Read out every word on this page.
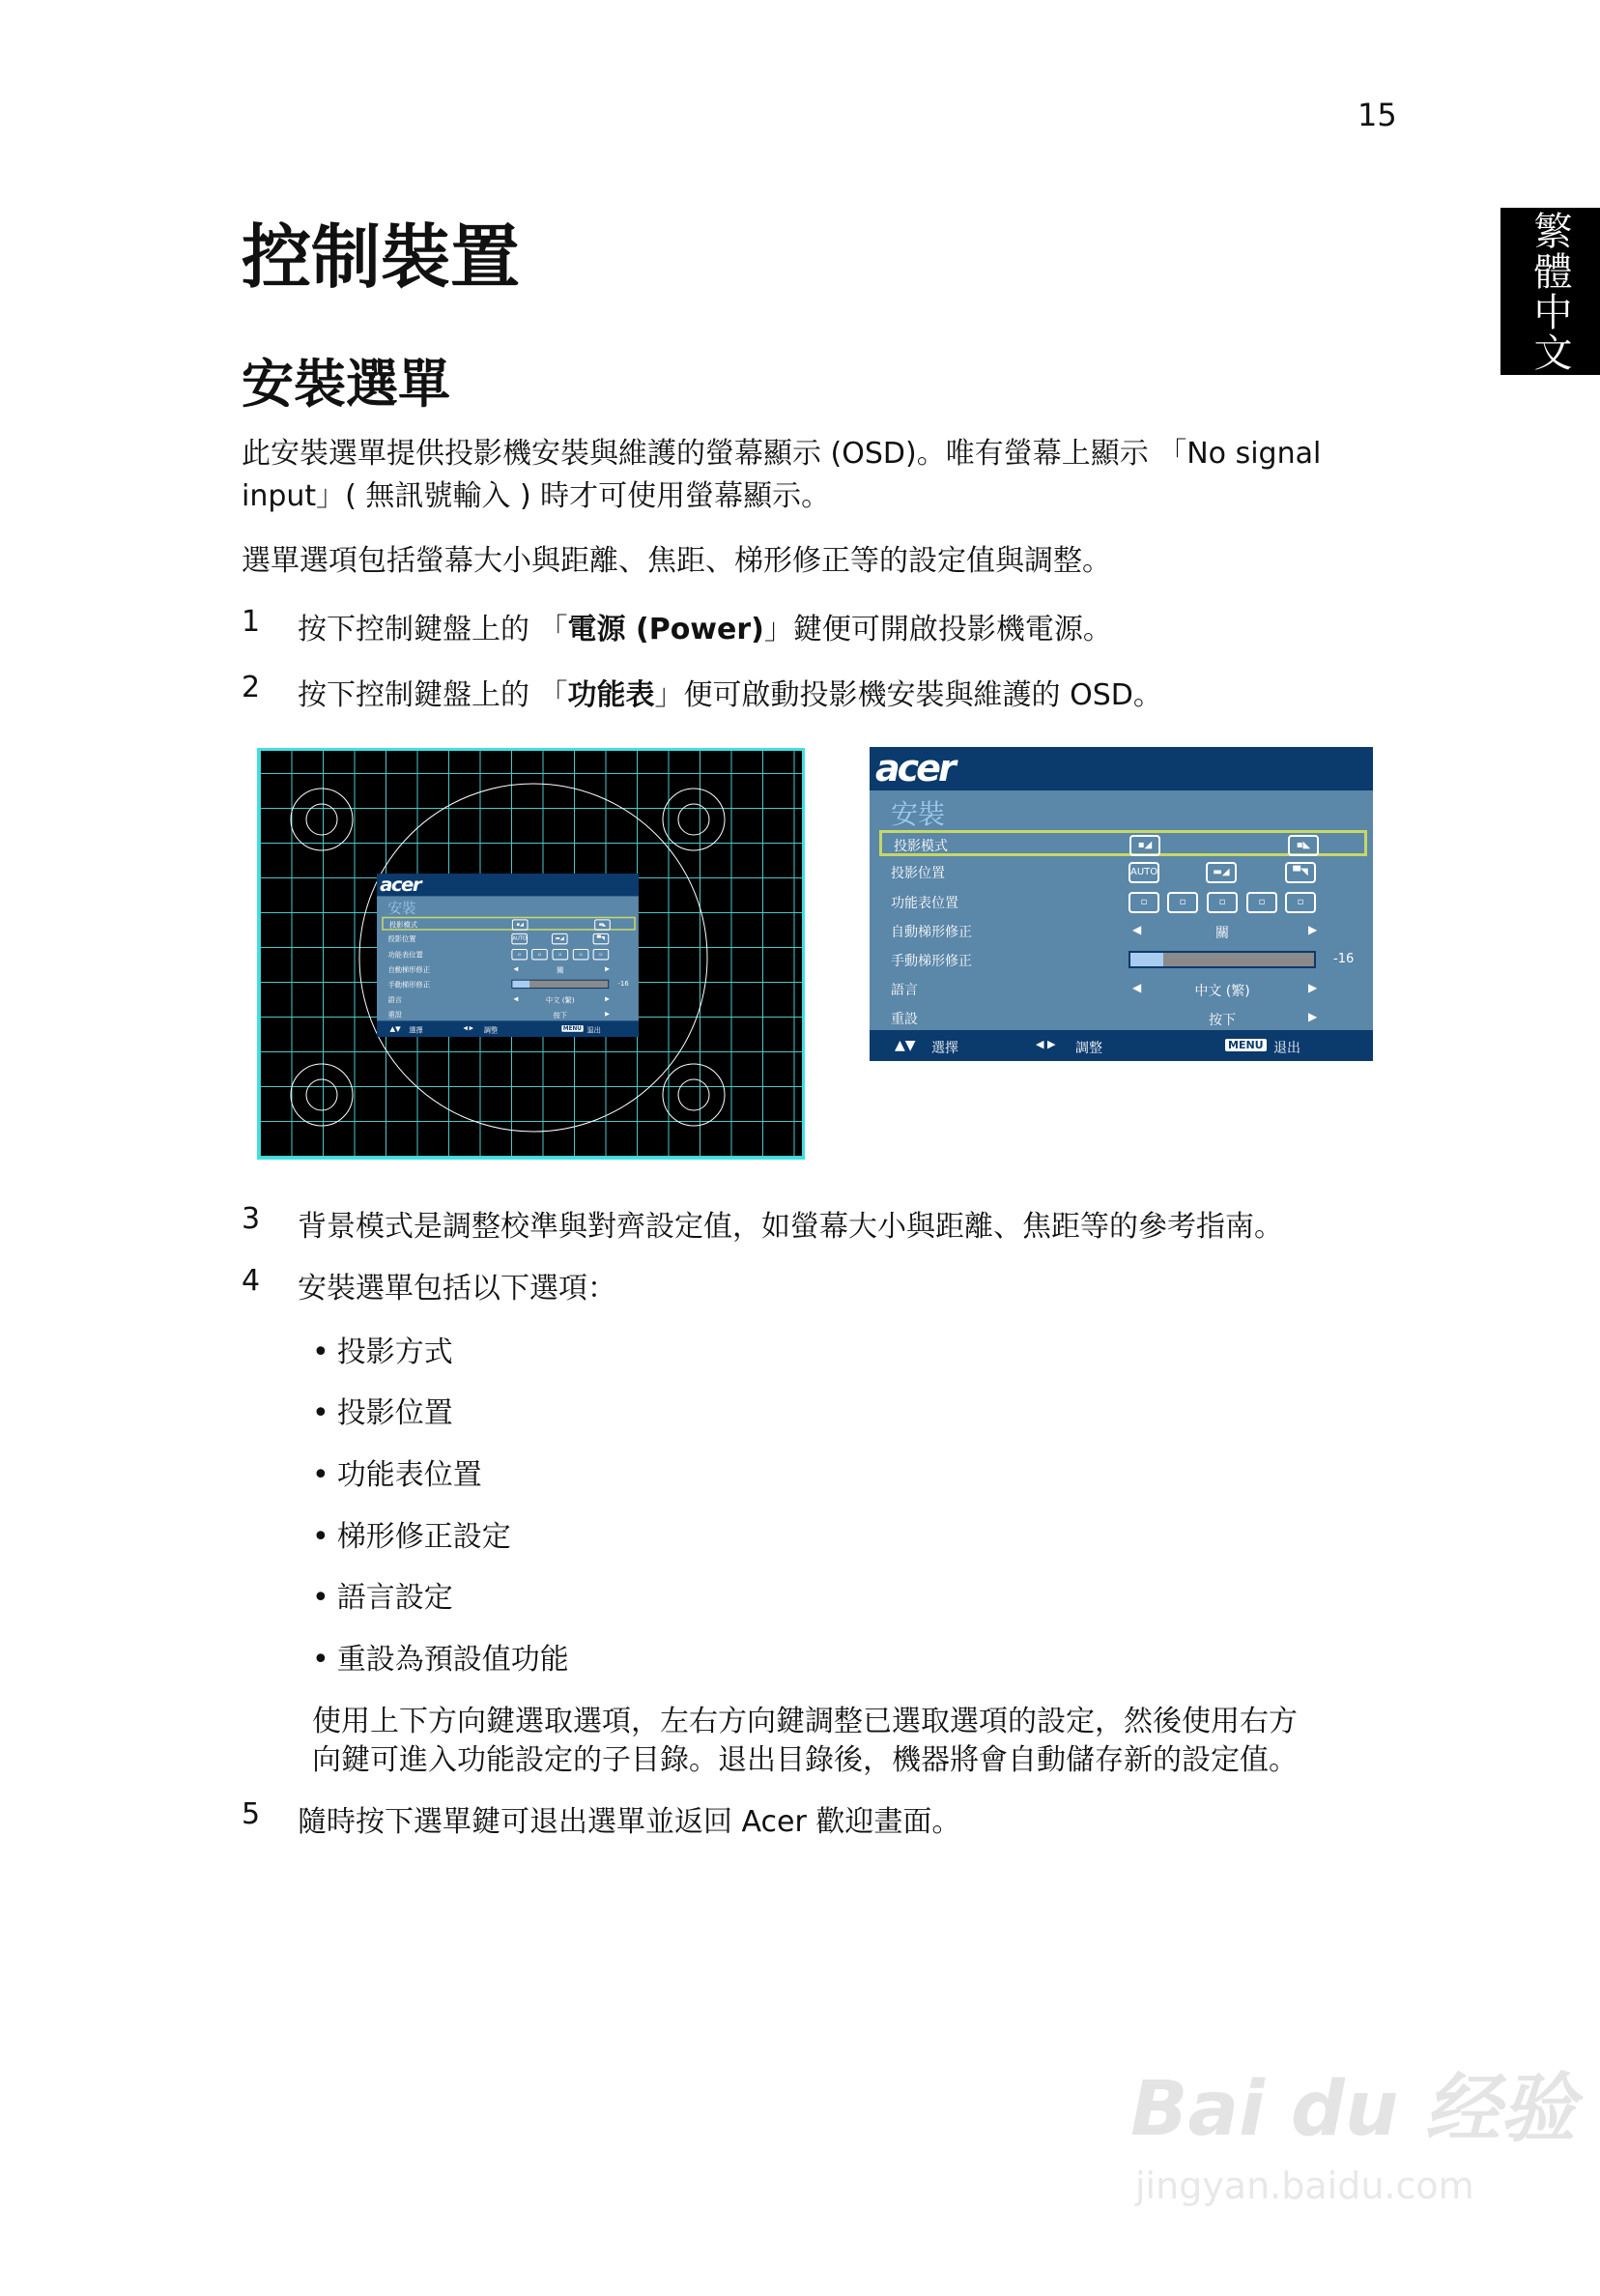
15
繁體中文
控制裝置
安裝選單
此安裝選單提供投影機安裝與維護的螢幕顯示 (OSD)。唯有螢幕上顯示 「No signal
input」( 無訊號輸入 ) 時才可使用螢幕顯示。
選單選項包括螢幕大小與距離、焦距、梯形修正等的設定值與調整。
1 按下控制鍵盤上的 「電源 (Power)」鍵便可開啟投影機電源。
2 按下控制鍵盤上的 「功能表」便可啟動投影機安裝與維護的 OSD。
acer
安裝
投影模式	▪◢	▪◣
投影位置	AUTO	▬◢	▀◥
功能表位置	▫	▫	▫	▫	▫
自動梯形修正	◀	關	▶
手動梯形修正	-16
語言	◀	中文 (繁)	▶
重設	按下	▶
▲▼ 選擇	◀ ▶ 調整	MENU 退出
acer
安裝
投影模式	▪◢	▪◣
投影位置	AUTO	▬◢	▀◥
功能表位置	▫	▫	▫	▫	▫
自動梯形修正	◀	關	▶
手動梯形修正	-16
語言	◀	中文 (繁)	▶
重設	按下	▶
▲▼ 選擇	◀ ▶ 調整	MENU 退出
3 背景模式是調整校準與對齊設定值，如螢幕大小與距離、焦距等的參考指南。
4 安裝選單包括以下選項：
• 投影方式
• 投影位置
• 功能表位置
• 梯形修正設定
• 語言設定
• 重設為預設值功能
使用上下方向鍵選取選項，左右方向鍵調整已選取選項的設定，然後使用右方
向鍵可進入功能設定的子目錄。退出目錄後，機器將會自動儲存新的設定值。
5 隨時按下選單鍵可退出選單並返回 Acer 歡迎畫面。
Bai du 经验
jingyan.baidu.com
